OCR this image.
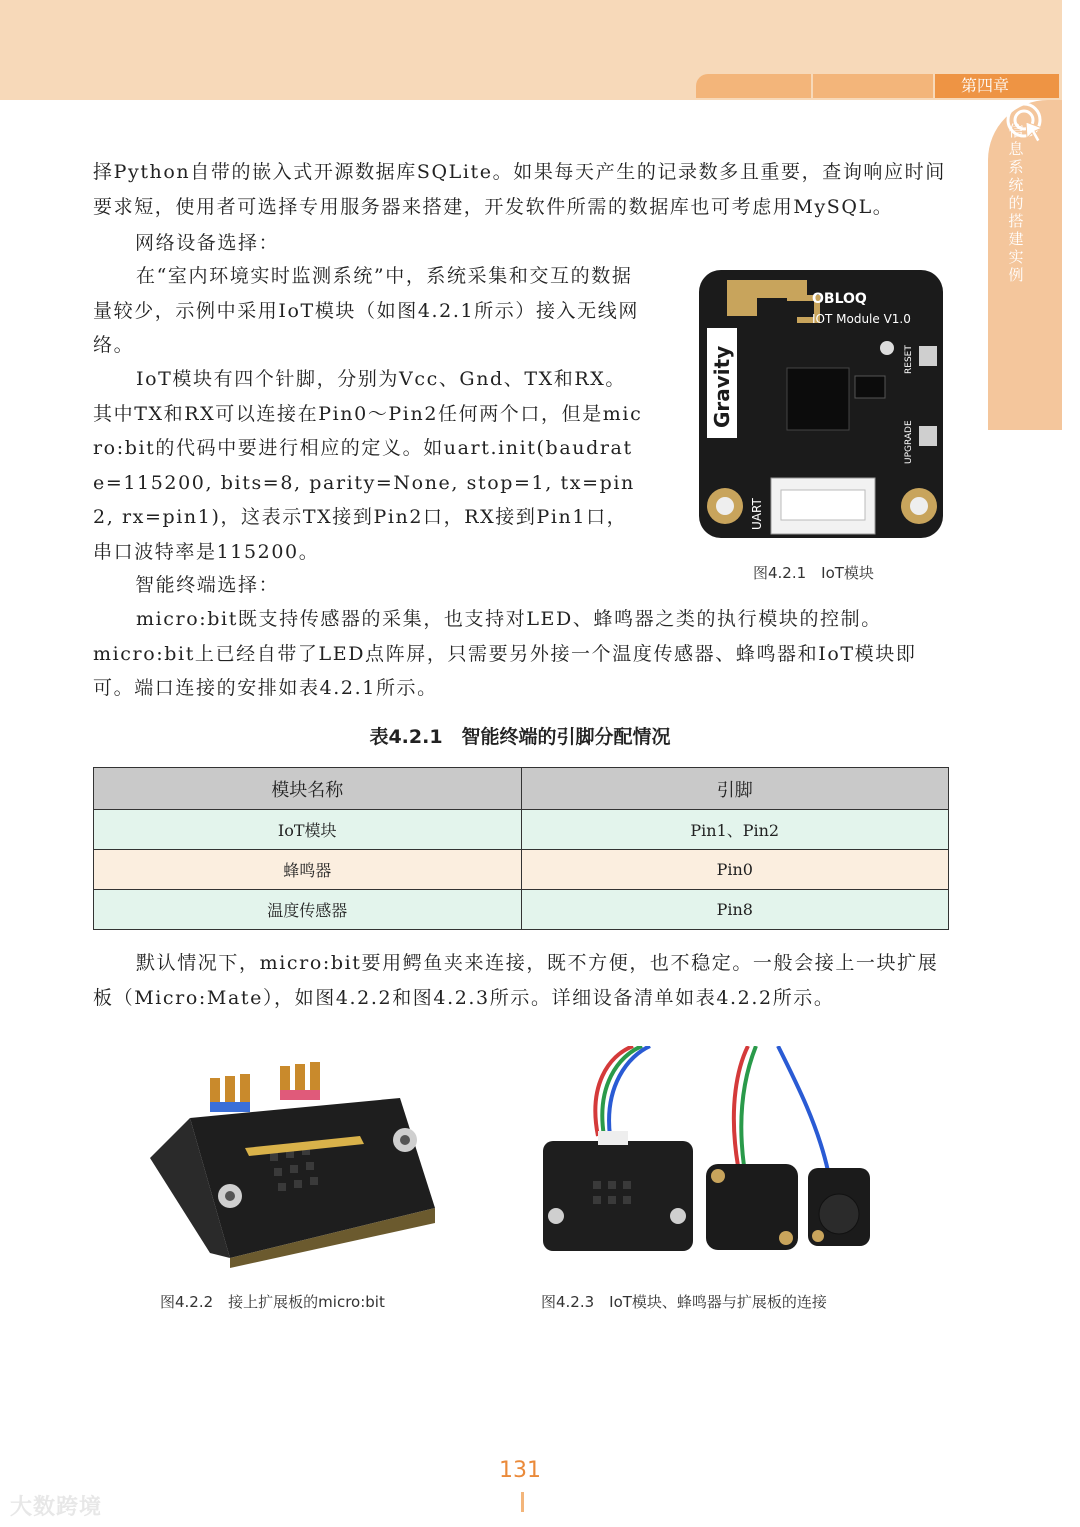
第四章
信息系统的搭建实例

择Python自带的嵌入式开源数据库SQLite。如果每天产生的记录数多且重要，查询响应时间要求短，使用者可选择专用服务器来搭建，开发软件所需的数据库也可考虑用MySQL。

网络设备选择：

在“室内环境实时监测系统”中，系统采集和交互的数据量较少，示例中采用IoT模块（如图4.2.1所示）接入无线网络。

IoT模块有四个针脚，分别为Vcc、Gnd、TX和RX。其中TX和RX可以连接在Pin0～Pin2任何两个口，但是micro:bit的代码中要进行相应的定义。如uart.init(baudrate=115200, bits=8, parity=None, stop=1, tx=pin2, rx=pin1)，这表示TX接到Pin2口，RX接到Pin1口，串口波特率是115200。

智能终端选择：

micro:bit既支持传感器的采集，也支持对LED、蜂鸣器之类的执行模块的控制。micro:bit上已经自带了LED点阵屏，只需要另外接一个温度传感器、蜂鸣器和IoT模块即可。端口连接的安排如表4.2.1所示。

OBLOQ
IOT Module V1.0
Gravity	RESET
UPGRADE
UART
图4.2.1　IoT模块
表4.2.1　智能终端的引脚分配情况
模块名称	引脚
IoT模块	Pin1、Pin2
蜂鸣器	Pin0
温度传感器	Pin8

默认情况下，micro:bit要用鳄鱼夹来连接，既不方便，也不稳定。一般会接上一块扩展板（Micro:Mate），如图4.2.2和图4.2.3所示。详细设备清单如表4.2.2所示。

图4.2.2　接上扩展板的micro:bit	图4.2.3　IoT模块、蜂鸣器与扩展板的连接
131
大数跨境
